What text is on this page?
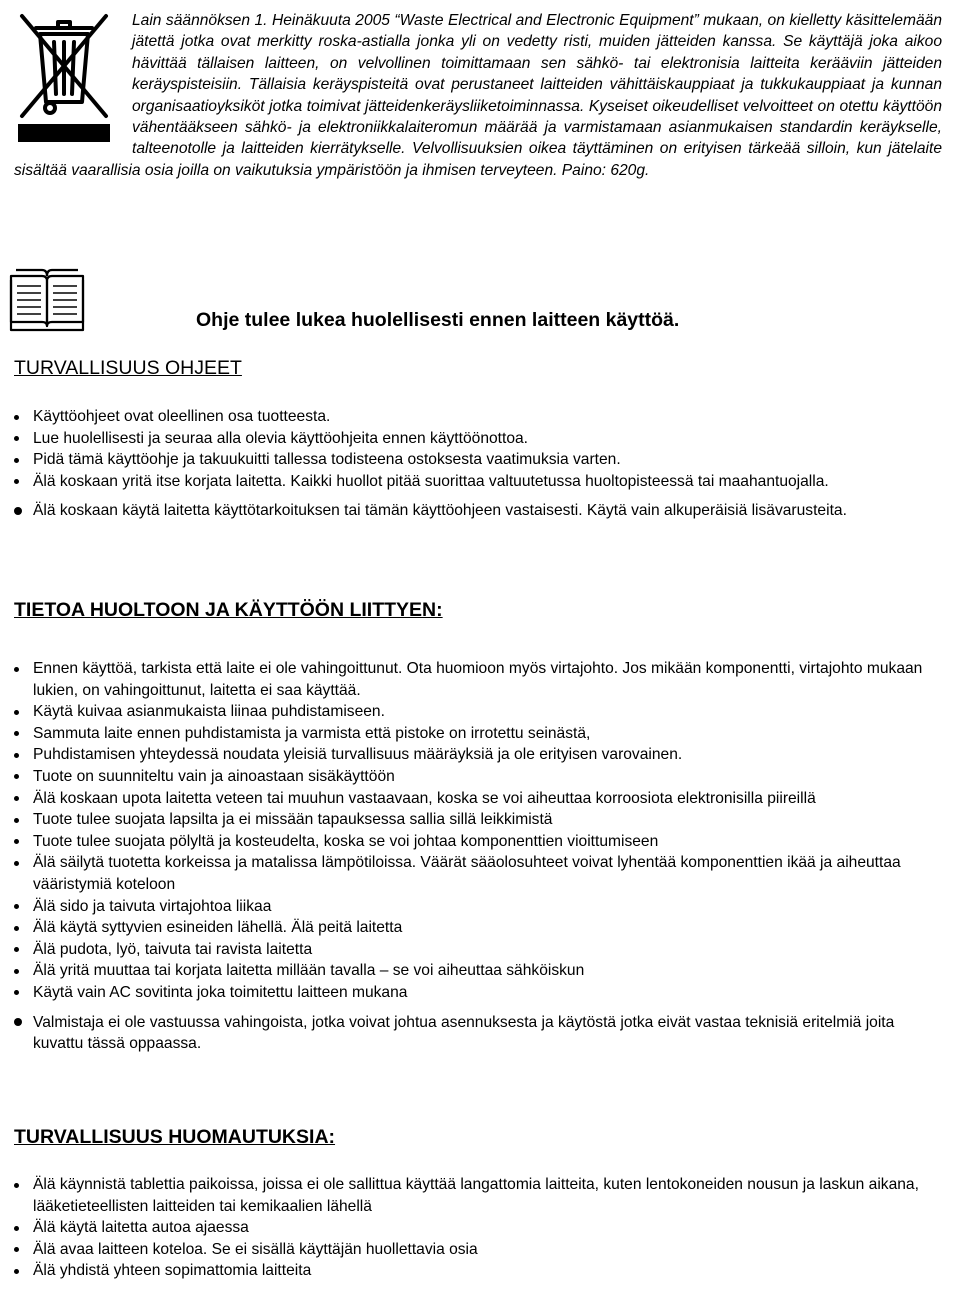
Lain säännöksen 1. Heinäkuuta 2005 “Waste Electrical and Electronic Equipment” mukaan, on kielletty käsittelemään jätettä jotka ovat merkitty roska-astialla jonka yli on vedetty risti, muiden jätteiden kanssa. Se käyttäjä joka aikoo hävittää tällaisen laitteen, on velvollinen toimittamaan sen sähkö- tai elektronisia laitteita kerääviin jätteiden keräyspisteisiin. Tällaisia keräyspisteitä ovat perustaneet laitteiden vähittäiskauppiaat ja tukkukauppiaat ja kunnan organisaatioyksiköt jotka toimivat jätteidenkeräysliiketoiminnassa. Kyseiset oikeudelliset velvoitteet on otettu käyttöön vähentääkseen sähkö- ja elektroniikkalaiteromun määrää ja varmistamaan asianmukaisen standardin keräykselle, talteenotolle ja laitteiden kierrätykselle. Velvollisuuksien oikea täyttäminen on erityisen tärkeää silloin, kun jätelaite sisältää vaarallisia osia joilla on vaikutuksia ympäristöön ja ihmisen terveyteen. Paino: 620g.

Ohje tulee lukea huolellisesti ennen laitteen käyttöä.

TURVALLISUUS OHJEET
Käyttöohjeet ovat oleellinen osa tuotteesta.
Lue huolellisesti ja seuraa alla olevia käyttöohjeita ennen käyttöönottoa.
Pidä tämä käyttöohje ja takuukuitti tallessa todisteena ostoksesta vaatimuksia varten.
Älä koskaan yritä itse korjata laitetta. Kaikki huollot pitää suorittaa valtuutetussa huoltopisteessä tai maahantuojalla.
Älä koskaan käytä laitetta käyttötarkoituksen tai tämän käyttöohjeen vastaisesti. Käytä vain alkuperäisiä lisävarusteita.
TIETOA HUOLTOON JA KÄYTTÖÖN LIITTYEN:
Ennen käyttöä, tarkista että laite ei ole vahingoittunut. Ota huomioon myös virtajohto. Jos mikään komponentti, virtajohto mukaan lukien, on vahingoittunut, laitetta ei saa käyttää.
Käytä kuivaa asianmukaista liinaa puhdistamiseen.
Sammuta laite ennen puhdistamista ja varmista että pistoke on irrotettu seinästä,
Puhdistamisen yhteydessä noudata yleisiä turvallisuus määräyksiä ja ole erityisen varovainen.
Tuote on suunniteltu vain ja ainoastaan sisäkäyttöön
Älä koskaan upota laitetta veteen tai muuhun vastaavaan, koska se voi aiheuttaa korroosiota elektronisilla piireillä
Tuote tulee suojata lapsilta ja ei missään tapauksessa sallia sillä leikkimistä
Tuote tulee suojata pölyltä ja kosteudelta, koska se voi johtaa komponenttien vioittumiseen
Älä säilytä tuotetta korkeissa ja matalissa lämpötiloissa. Väärät sääolosuhteet voivat lyhentää komponenttien ikää ja aiheuttaa vääristymiä koteloon
Älä sido ja taivuta virtajohtoa liikaa
Älä käytä syttyvien esineiden lähellä. Älä peitä laitetta
Älä pudota, lyö, taivuta tai ravista laitetta
Älä yritä muuttaa tai korjata laitetta millään tavalla – se voi aiheuttaa sähköiskun
Käytä vain AC sovitinta joka toimitettu laitteen mukana
Valmistaja ei ole vastuussa vahingoista, jotka voivat johtua asennuksesta ja käytöstä jotka eivät vastaa teknisiä eritelmiä joita kuvattu tässä oppaassa.
TURVALLISUUS HUOMAUTUKSIA:
Älä käynnistä tablettia paikoissa, joissa ei ole sallittua käyttää langattomia laitteita, kuten lentokoneiden nousun ja laskun aikana, lääketieteellisten laitteiden tai kemikaalien lähellä
Älä käytä laitetta autoa ajaessa
Älä avaa laitteen koteloa. Se ei sisällä käyttäjän huollettavia osia
Älä yhdistä yhteen sopimattomia laitteita
